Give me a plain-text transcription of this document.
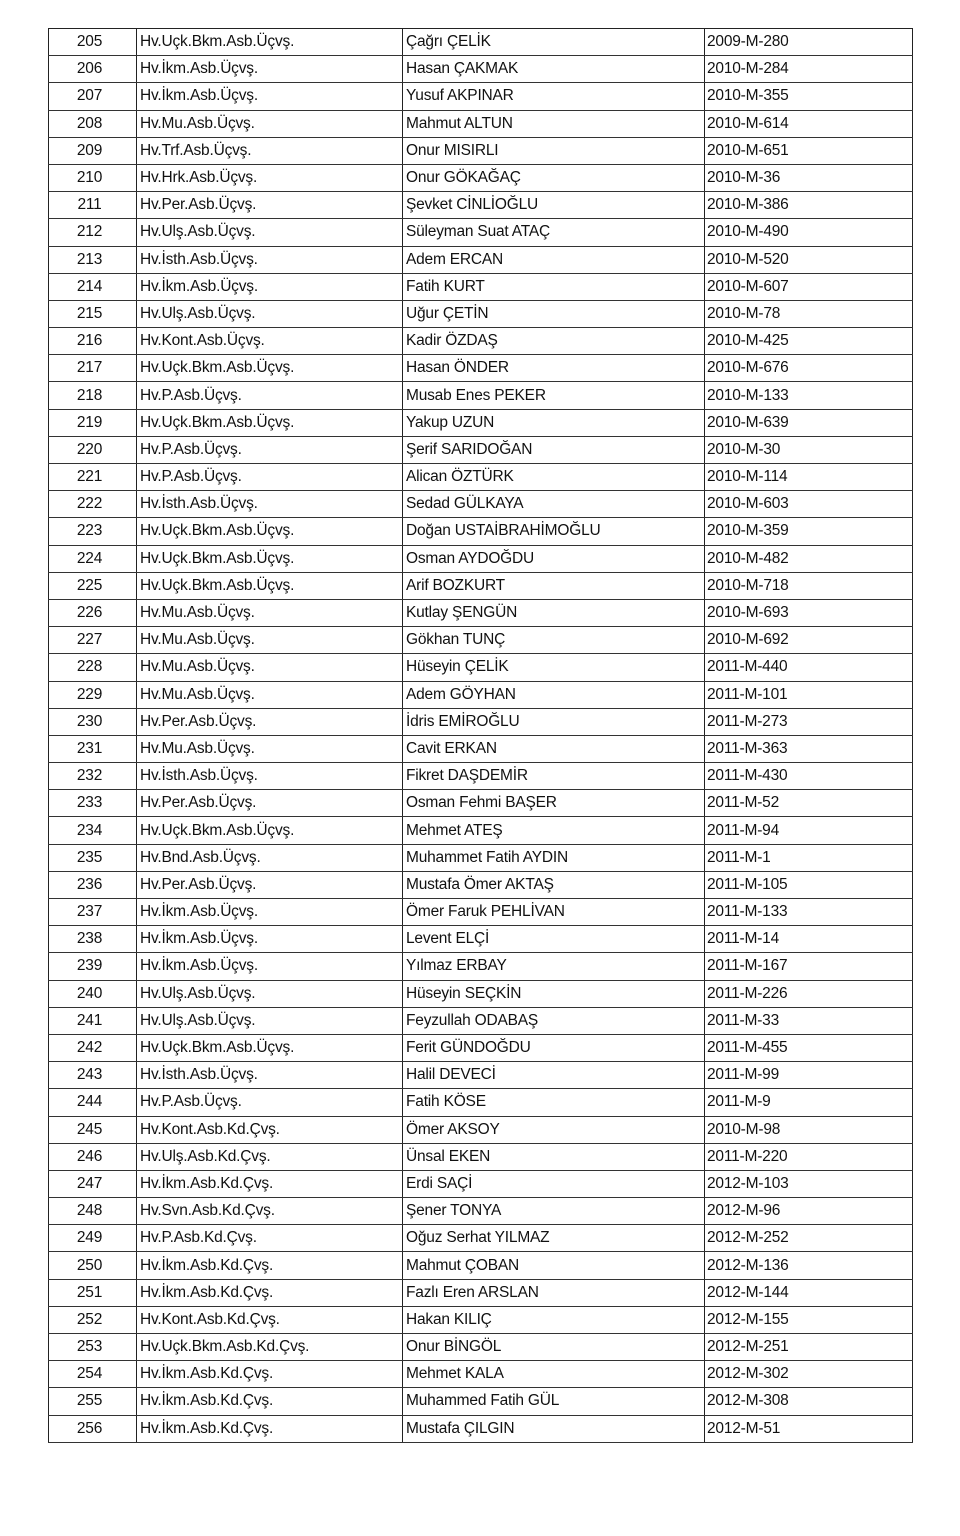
205	Hv.Uçk.Bkm.Asb.Üçvş.	Çağrı ÇELİK	2009-M-280
206	Hv.İkm.Asb.Üçvş.	Hasan ÇAKMAK	2010-M-284
207	Hv.İkm.Asb.Üçvş.	Yusuf AKPINAR	2010-M-355
208	Hv.Mu.Asb.Üçvş.	Mahmut ALTUN	2010-M-614
209	Hv.Trf.Asb.Üçvş.	Onur MISIRLI	2010-M-651
210	Hv.Hrk.Asb.Üçvş.	Onur GÖKAĞAÇ	2010-M-36
211	Hv.Per.Asb.Üçvş.	Şevket CİNLİOĞLU	2010-M-386
212	Hv.Ulş.Asb.Üçvş.	Süleyman Suat ATAÇ	2010-M-490
213	Hv.İsth.Asb.Üçvş.	Adem ERCAN	2010-M-520
214	Hv.İkm.Asb.Üçvş.	Fatih KURT	2010-M-607
215	Hv.Ulş.Asb.Üçvş.	Uğur ÇETİN	2010-M-78
216	Hv.Kont.Asb.Üçvş.	Kadir ÖZDAŞ	2010-M-425
217	Hv.Uçk.Bkm.Asb.Üçvş.	Hasan ÖNDER	2010-M-676
218	Hv.P.Asb.Üçvş.	Musab Enes PEKER	2010-M-133
219	Hv.Uçk.Bkm.Asb.Üçvş.	Yakup UZUN	2010-M-639
220	Hv.P.Asb.Üçvş.	Şerif SARIDOĞAN	2010-M-30
221	Hv.P.Asb.Üçvş.	Alican ÖZTÜRK	2010-M-114
222	Hv.İsth.Asb.Üçvş.	Sedad GÜLKAYA	2010-M-603
223	Hv.Uçk.Bkm.Asb.Üçvş.	Doğan USTAİBRAHİMOĞLU	2010-M-359
224	Hv.Uçk.Bkm.Asb.Üçvş.	Osman AYDOĞDU	2010-M-482
225	Hv.Uçk.Bkm.Asb.Üçvş.	Arif BOZKURT	2010-M-718
226	Hv.Mu.Asb.Üçvş.	Kutlay ŞENGÜN	2010-M-693
227	Hv.Mu.Asb.Üçvş.	Gökhan TUNÇ	2010-M-692
228	Hv.Mu.Asb.Üçvş.	Hüseyin ÇELİK	2011-M-440
229	Hv.Mu.Asb.Üçvş.	Adem GÖYHAN	2011-M-101
230	Hv.Per.Asb.Üçvş.	İdris EMİROĞLU	2011-M-273
231	Hv.Mu.Asb.Üçvş.	Cavit ERKAN	2011-M-363
232	Hv.İsth.Asb.Üçvş.	Fikret DAŞDEMİR	2011-M-430
233	Hv.Per.Asb.Üçvş.	Osman Fehmi BAŞER	2011-M-52
234	Hv.Uçk.Bkm.Asb.Üçvş.	Mehmet ATEŞ	2011-M-94
235	Hv.Bnd.Asb.Üçvş.	Muhammet Fatih AYDIN	2011-M-1
236	Hv.Per.Asb.Üçvş.	Mustafa Ömer AKTAŞ	2011-M-105
237	Hv.İkm.Asb.Üçvş.	Ömer Faruk PEHLİVAN	2011-M-133
238	Hv.İkm.Asb.Üçvş.	Levent ELÇİ	2011-M-14
239	Hv.İkm.Asb.Üçvş.	Yılmaz ERBAY	2011-M-167
240	Hv.Ulş.Asb.Üçvş.	Hüseyin SEÇKİN	2011-M-226
241	Hv.Ulş.Asb.Üçvş.	Feyzullah ODABAŞ	2011-M-33
242	Hv.Uçk.Bkm.Asb.Üçvş.	Ferit GÜNDOĞDU	2011-M-455
243	Hv.İsth.Asb.Üçvş.	Halil DEVECİ	2011-M-99
244	Hv.P.Asb.Üçvş.	Fatih KÖSE	2011-M-9
245	Hv.Kont.Asb.Kd.Çvş.	Ömer AKSOY	2010-M-98
246	Hv.Ulş.Asb.Kd.Çvş.	Ünsal EKEN	2011-M-220
247	Hv.İkm.Asb.Kd.Çvş.	Erdi SAÇİ	2012-M-103
248	Hv.Svn.Asb.Kd.Çvş.	Şener TONYA	2012-M-96
249	Hv.P.Asb.Kd.Çvş.	Oğuz Serhat YILMAZ	2012-M-252
250	Hv.İkm.Asb.Kd.Çvş.	Mahmut ÇOBAN	2012-M-136
251	Hv.İkm.Asb.Kd.Çvş.	Fazlı Eren ARSLAN	2012-M-144
252	Hv.Kont.Asb.Kd.Çvş.	Hakan KILIÇ	2012-M-155
253	Hv.Uçk.Bkm.Asb.Kd.Çvş.	Onur BİNGÖL	2012-M-251
254	Hv.İkm.Asb.Kd.Çvş.	Mehmet KALA	2012-M-302
255	Hv.İkm.Asb.Kd.Çvş.	Muhammed Fatih GÜL	2012-M-308
256	Hv.İkm.Asb.Kd.Çvş.	Mustafa ÇILGIN	2012-M-51
